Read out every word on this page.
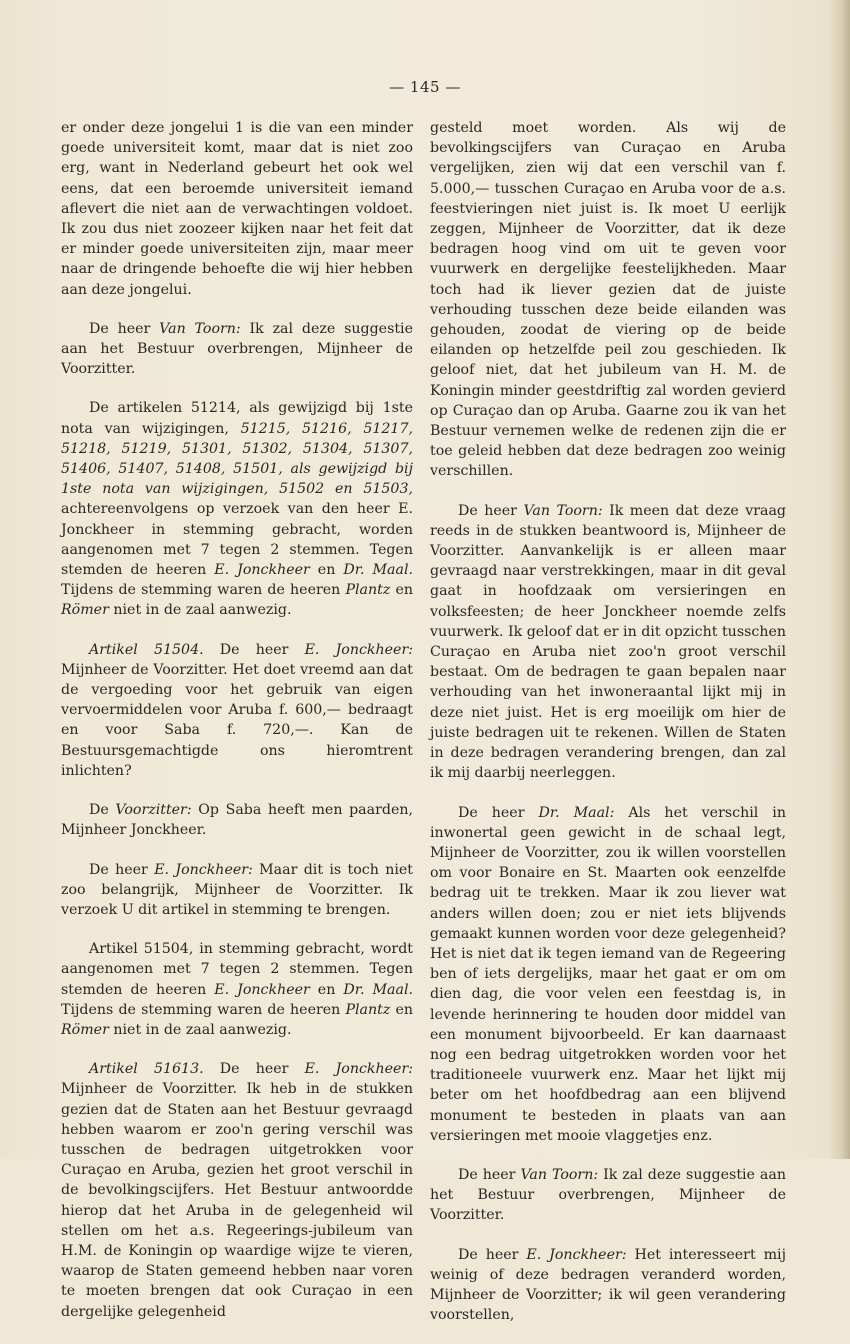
— 145 —

er onder deze jongelui 1 is die van een minder goede universiteit komt, maar dat is niet zoo erg, want in Nederland gebeurt het ook wel eens, dat een beroemde universiteit iemand aflevert die niet aan de verwachtingen voldoet. Ik zou dus niet zoozeer kijken naar het feit dat er minder goede universiteiten zijn, maar meer naar de dringende behoefte die wij hier hebben aan deze jongelui.

De heer Van Toorn: Ik zal deze suggestie aan het Bestuur overbrengen, Mijnheer de Voorzitter.

De artikelen 51214, als gewijzigd bij 1ste nota van wijzigingen, 51215, 51216, 51217, 51218, 51219, 51301, 51302, 51304, 51307, 51406, 51407, 51408, 51501, als gewijzigd bij 1ste nota van wijzigingen, 51502 en 51503, achtereenvolgens op verzoek van den heer E. Jonckheer in stemming gebracht, worden aangenomen met 7 tegen 2 stemmen. Tegen stemden de heeren E. Jonckheer en Dr. Maal. Tijdens de stemming waren de heeren Plantz en Römer niet in de zaal aanwezig.

Artikel 51504. De heer E. Jonckheer: Mijnheer de Voorzitter. Het doet vreemd aan dat de vergoeding voor het gebruik van eigen vervoermiddelen voor Aruba f. 600,— bedraagt en voor Saba f. 720,—. Kan de Bestuursgemachtigde ons hieromtrent inlichten?

De Voorzitter: Op Saba heeft men paarden, Mijnheer Jonckheer.

De heer E. Jonckheer: Maar dit is toch niet zoo belangrijk, Mijnheer de Voorzitter. Ik verzoek U dit artikel in stemming te brengen.

Artikel 51504, in stemming gebracht, wordt aangenomen met 7 tegen 2 stemmen. Tegen stemden de heeren E. Jonckheer en Dr. Maal. Tijdens de stemming waren de heeren Plantz en Römer niet in de zaal aanwezig.

Artikel 51613. De heer E. Jonckheer: Mijnheer de Voorzitter. Ik heb in de stukken gezien dat de Staten aan het Bestuur gevraagd hebben waarom er zoo'n gering verschil was tusschen de bedragen uitgetrokken voor Curaçao en Aruba, gezien het groot verschil in de bevolkingscijfers. Het Bestuur antwoordde hierop dat het Aruba in de gelegenheid wil stellen om het a.s. Regeerings-jubileum van H.M. de Koningin op waardige wijze te vieren, waarop de Staten gemeend hebben naar voren te moeten brengen dat ook Curaçao in een dergelijke gelegenheid

gesteld moet worden. Als wij de bevolkingscijfers van Curaçao en Aruba vergelijken, zien wij dat een verschil van f. 5.000,— tusschen Curaçao en Aruba voor de a.s. feestvieringen niet juist is. Ik moet U eerlijk zeggen, Mijnheer de Voorzitter, dat ik deze bedragen hoog vind om uit te geven voor vuurwerk en dergelijke feestelijkheden. Maar toch had ik liever gezien dat de juiste verhouding tusschen deze beide eilanden was gehouden, zoodat de viering op de beide eilanden op hetzelfde peil zou geschieden. Ik geloof niet, dat het jubileum van H. M. de Koningin minder geestdriftig zal worden gevierd op Curaçao dan op Aruba. Gaarne zou ik van het Bestuur vernemen welke de redenen zijn die er toe geleid hebben dat deze bedragen zoo weinig verschillen.

De heer Van Toorn: Ik meen dat deze vraag reeds in de stukken beantwoord is, Mijnheer de Voorzitter. Aanvankelijk is er alleen maar gevraagd naar verstrekkingen, maar in dit geval gaat in hoofdzaak om versieringen en volksfeesten; de heer Jonckheer noemde zelfs vuurwerk. Ik geloof dat er in dit opzicht tusschen Curaçao en Aruba niet zoo'n groot verschil bestaat. Om de bedragen te gaan bepalen naar verhouding van het inwoneraantal lijkt mij in deze niet juist. Het is erg moeilijk om hier de juiste bedragen uit te rekenen. Willen de Staten in deze bedragen verandering brengen, dan zal ik mij daarbij neerleggen.

De heer Dr. Maal: Als het verschil in inwonertal geen gewicht in de schaal legt, Mijnheer de Voorzitter, zou ik willen voorstellen om voor Bonaire en St. Maarten ook eenzelfde bedrag uit te trekken. Maar ik zou liever wat anders willen doen; zou er niet iets blijvends gemaakt kunnen worden voor deze gelegenheid? Het is niet dat ik tegen iemand van de Regeering ben of iets dergelijks, maar het gaat er om om dien dag, die voor velen een feestdag is, in levende herinnering te houden door middel van een monument bijvoorbeeld. Er kan daarnaast nog een bedrag uitgetrokken worden voor het traditioneele vuurwerk enz. Maar het lijkt mij beter om het hoofdbedrag aan een blijvend monument te besteden in plaats van aan versieringen met mooie vlaggetjes enz.

De heer Van Toorn: Ik zal deze suggestie aan het Bestuur overbrengen, Mijnheer de Voorzitter.

De heer E. Jonckheer: Het interesseert mij weinig of deze bedragen veranderd worden, Mijnheer de Voorzitter; ik wil geen verandering voorstellen,
